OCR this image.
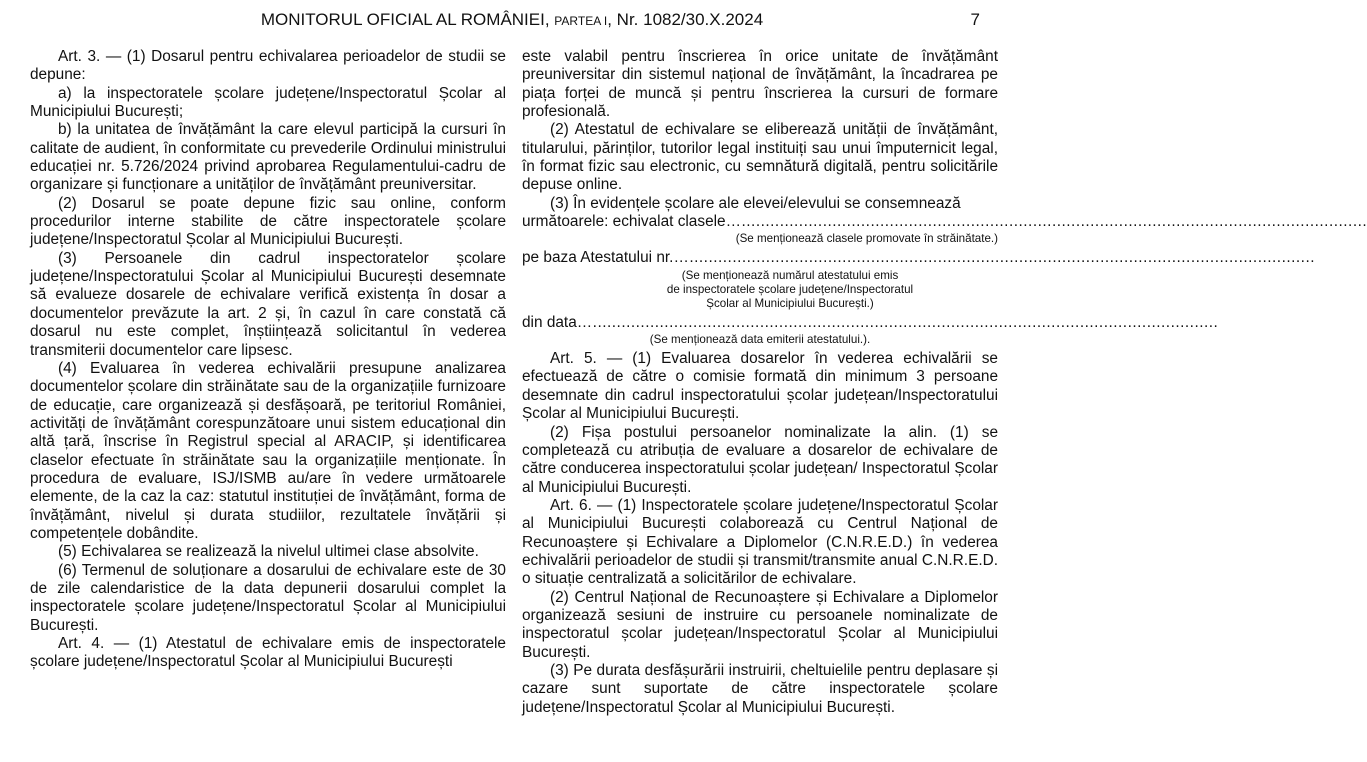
MONITORUL OFICIAL AL ROMÂNIEI, PARTEA I, Nr. 1082/30.X.2024	7

Art. 3. — (1) Dosarul pentru echivalarea perioadelor de studii se depune:

a) la inspectoratele școlare județene/Inspectoratul Școlar al Municipiului București;

b) la unitatea de învățământ la care elevul participă la cursuri în calitate de audient, în conformitate cu prevederile Ordinului ministrului educației nr. 5.726/2024 privind aprobarea Regulamentului-cadru de organizare și funcționare a unităților de învățământ preuniversitar.

(2) Dosarul se poate depune fizic sau online, conform procedurilor interne stabilite de către inspectoratele școlare județene/Inspectoratul Școlar al Municipiului București.

(3) Persoanele din cadrul inspectoratelor școlare județene/Inspectoratului Școlar al Municipiului București desemnate să evalueze dosarele de echivalare verifică existența în dosar a documentelor prevăzute la art. 2 și, în cazul în care constată că dosarul nu este complet, înștiințează solicitantul în vederea transmiterii documentelor care lipsesc.

(4) Evaluarea în vederea echivalării presupune analizarea documentelor școlare din străinătate sau de la organizațiile furnizoare de educație, care organizează și desfășoară, pe teritoriul României, activități de învățământ corespunzătoare unui sistem educațional din altă țară, înscrise în Registrul special al ARACIP, și identificarea claselor efectuate în străinătate sau la organizațiile menționate. În procedura de evaluare, ISJ/ISMB au/are în vedere următoarele elemente, de la caz la caz: statutul instituției de învățământ, forma de învățământ, nivelul și durata studiilor, rezultatele învățării și competențele dobândite.

(5) Echivalarea se realizează la nivelul ultimei clase absolvite.

(6) Termenul de soluționare a dosarului de echivalare este de 30 de zile calendaristice de la data depunerii dosarului complet la inspectoratele școlare județene/Inspectoratul Școlar al Municipiului București.

Art. 4. — (1) Atestatul de echivalare emis de inspectoratele școlare județene/Inspectoratul Școlar al Municipiului București

este valabil pentru înscrierea în orice unitate de învățământ preuniversitar din sistemul național de învățământ, la încadrarea pe piața forței de muncă și pentru înscrierea la cursuri de formare profesională.

(2) Atestatul de echivalare se eliberează unității de învățământ, titularului, părinților, tutorilor legal instituiți sau unui împuternicit legal, în format fizic sau electronic, cu semnătură digitală, pentru solicitările depuse online.

(3) În evidențele școlare ale elevei/elevului se consemnează

următoarele: echivalat clasele …...................................................................................................................................
(Se menționează clasele promovate în străinătate.)
pe baza Atestatului nr. …...................................................................................................................................
(Se menționează numărul atestatului emis
de inspectoratele școlare județene/Inspectoratul
Școlar al Municipiului București.)
din data …...................................................................................................................................
(Se menționează data emiterii atestatului.).

Art. 5. — (1) Evaluarea dosarelor în vederea echivalării se efectuează de către o comisie formată din minimum 3 persoane desemnate din cadrul inspectoratului școlar județean/Inspectoratului Școlar al Municipiului București.

(2) Fișa postului persoanelor nominalizate la alin. (1) se completează cu atribuția de evaluare a dosarelor de echivalare de către conducerea inspectoratului școlar județean/ Inspectoratul Școlar al Municipiului București.

Art. 6. — (1) Inspectoratele școlare județene/Inspectoratul Școlar al Municipiului București colaborează cu Centrul Național de Recunoaștere și Echivalare a Diplomelor (C.N.R.E.D.) în vederea echivalării perioadelor de studii și transmit/transmite anual C.N.R.E.D. o situație centralizată a solicitărilor de echivalare.

(2) Centrul Național de Recunoaștere și Echivalare a Diplomelor organizează sesiuni de instruire cu persoanele nominalizate de inspectoratul școlar județean/Inspectoratul Școlar al Municipiului București.

(3) Pe durata desfășurării instruirii, cheltuielile pentru deplasare și cazare sunt suportate de către inspectoratele școlare județene/Inspectoratul Școlar al Municipiului București.
